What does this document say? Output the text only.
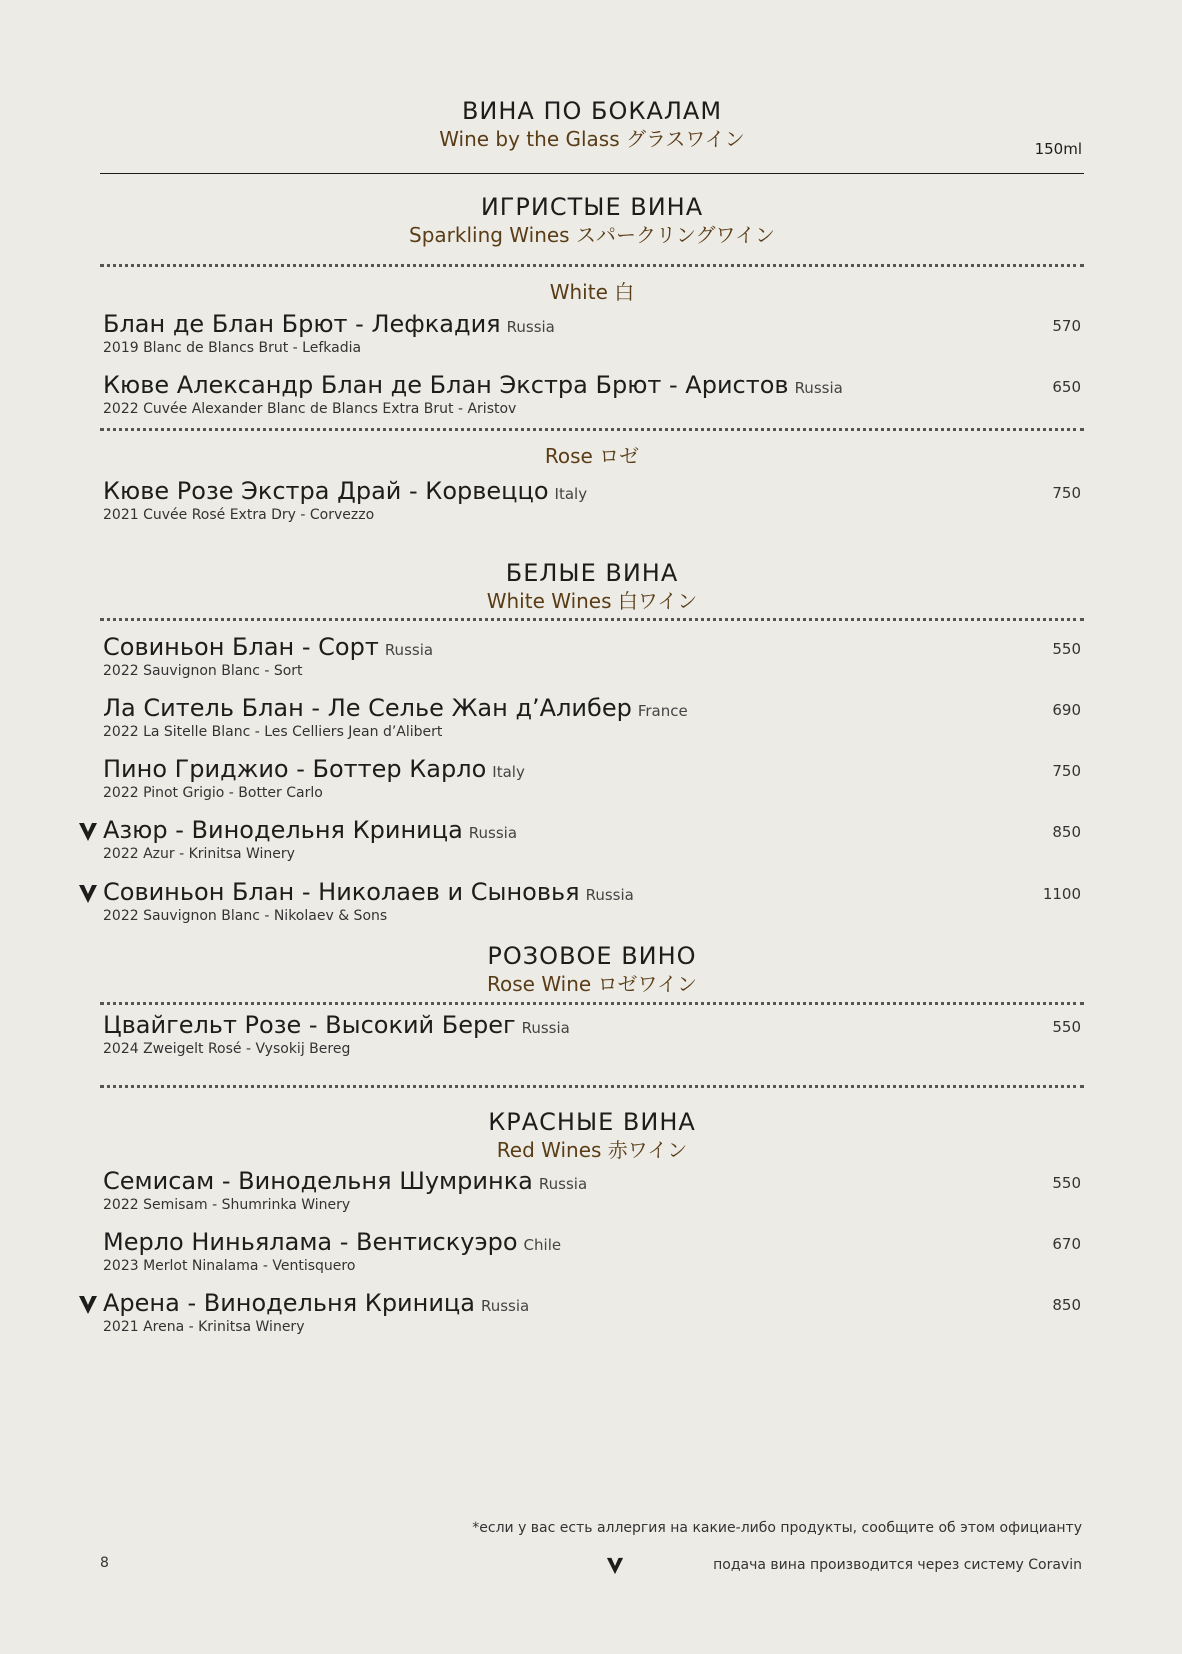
ВИНА ПО БОКАЛАМ
Wine by the Glass グラスワイン	150ml
ИГРИСТЫЕ ВИНА
Sparkling Wines スパークリングワイン
White 白
Блан де Блан Брют - Лефкадия Russia
2019 Blanc de Blancs Brut - Lefkadia
570
Кюве Александр Блан де Блан Экстра Брют - Аристов Russia
2022 Cuvée Alexander Blanc de Blancs Extra Brut - Aristov
650
Rose ロゼ
Кюве Розе Экстра Драй - Корвеццо Italy
2021 Cuvée Rosé Extra Dry - Corvezzo
750
БЕЛЫЕ ВИНА
White Wines 白ワイン
Совиньон Блан - Сорт Russia
2022 Sauvignon Blanc - Sort
550
Ла Ситель Блан - Ле Селье Жан д’Алибер France
2022 La Sitelle Blanc - Les Celliers Jean d’Alibert
690
Пино Гриджио - Боттер Карло Italy
2022 Pinot Grigio - Botter Carlo
750
Азюр - Винодельня Криница Russia
2022 Azur - Krinitsa Winery
850
Совиньон Блан - Николаев и Сыновья Russia
2022 Sauvignon Blanc - Nikolaev & Sons
1100
РОЗОВОЕ ВИНО
Rose Wine ロゼワイン
Цвайгельт Розе - Высокий Берег Russia
2024 Zweigelt Rosé - Vysokij Bereg
550
КРАСНЫЕ ВИНА
Red Wines 赤ワイン
Семисам - Винодельня Шумринка Russia
2022 Semisam - Shumrinka Winery
550
Мерло Ниньялама - Вентискуэро Chile
2023 Merlot Ninalama - Ventisquero
670
Арена - Винодельня Криница Russia
2021 Arena - Krinitsa Winery
850
*если у вас есть аллергия на какие-либо продукты, сообщите об этом официанту
8	подача вина производится через систему Coravin
